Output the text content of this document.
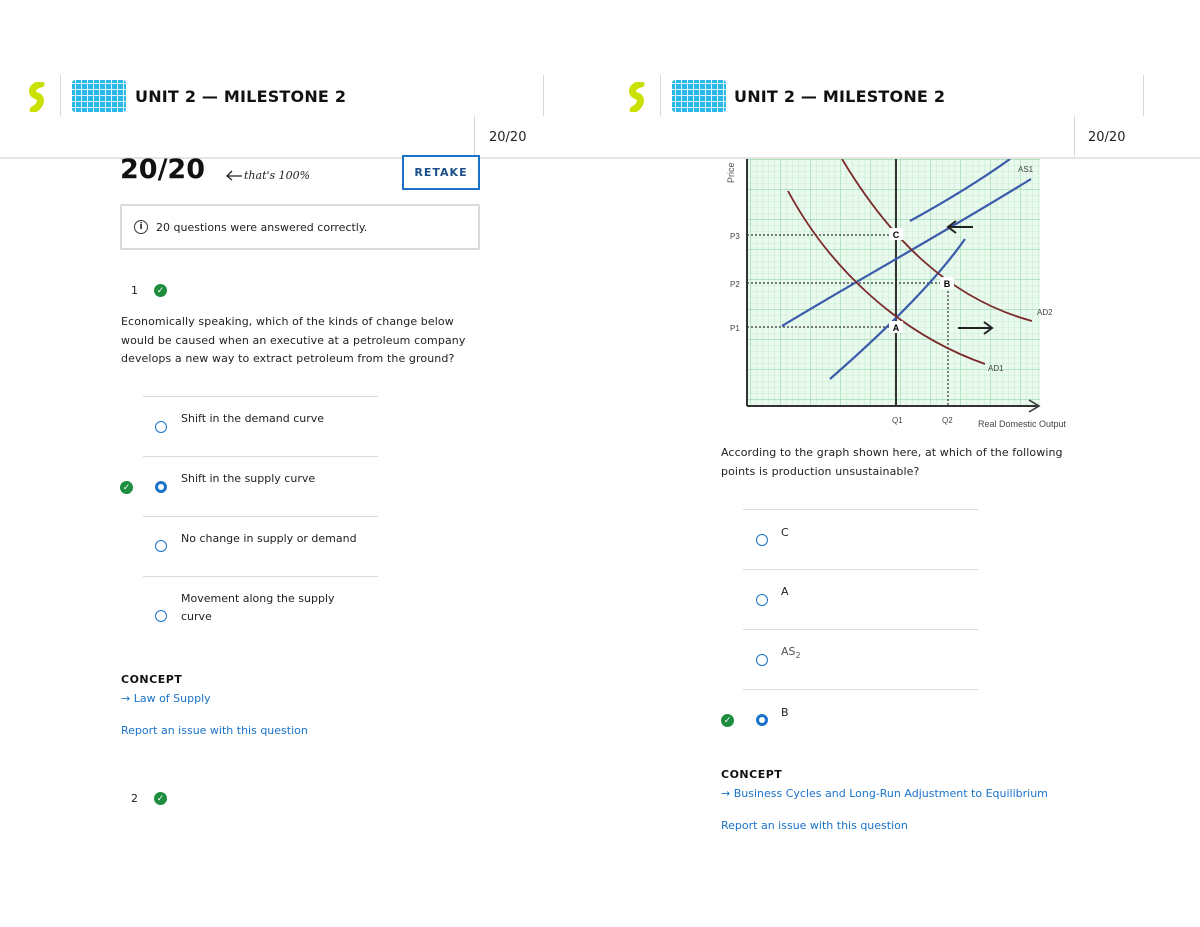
UNIT 2 — MILESTONE 2
20/20
UNIT 2 — MILESTONE 2
20/20
20/20	that's 100%	RETAKE
i	20 questions were answered correctly.
1	✓
Economically speaking, which of the kinds of change below
would be caused when an executive at a petroleum company
develops a new way to extract petroleum from the ground?
Shift in the demand curve
✓
Shift in the supply curve
No change in supply or demand
Movement along the supply
curve
CONCEPT
→ Law of Supply
Report an issue with this question
2	✓
C
B
A
Price
P3
P2
P1
Q1	Q2	Real Domestic Output
AS1
AD2
AD1
According to the graph shown here, at which of the following
points is production unsustainable?
C
A
$AS_2$
✓
B
CONCEPT
→ Business Cycles and Long-Run Adjustment to Equilibrium
Report an issue with this question
